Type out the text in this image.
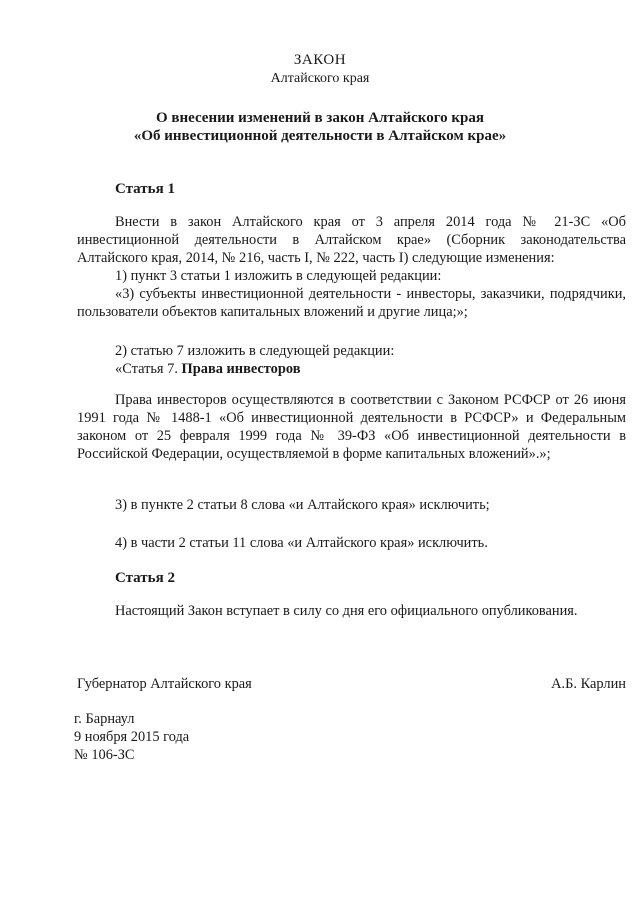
ЗАКОН
Алтайского края
О внесении изменений в закон Алтайского края
«Об инвестиционной деятельности в Алтайском крае»
Статья 1

Внести в закон Алтайского края от 3 апреля 2014 года № 21-ЗС «Об инвестиционной деятельности в Алтайском крае» (Сборник законодательства Алтайского края, 2014, № 216, часть I, № 222, часть I) следующие изменения:

1) пункт 3 статьи 1 изложить в следующей редакции:

«3) субъекты инвестиционной деятельности - инвесторы, заказчики, подрядчики, пользователи объектов капитальных вложений и другие лица;»;

2) статью 7 изложить в следующей редакции:

«Статья 7. Права инвесторов

Права инвесторов осуществляются в соответствии с Законом РСФСР от 26 июня 1991 года № 1488-1 «Об инвестиционной деятельности в РСФСР» и Федеральным законом от 25 февраля 1999 года № 39-ФЗ «Об инвестиционной деятельности в Российской Федерации, осуществляемой в форме капитальных вложений».»;

3) в пункте 2 статьи 8 слова «и Алтайского края» исключить;

4) в части 2 статьи 11 слова «и Алтайского края» исключить.

Статья 2

Настоящий Закон вступает в силу со дня его официального опубликования.

Губернатор Алтайского края	А.Б. Карлин
г. Барнаул
9 ноября 2015 года
№ 106-ЗС
